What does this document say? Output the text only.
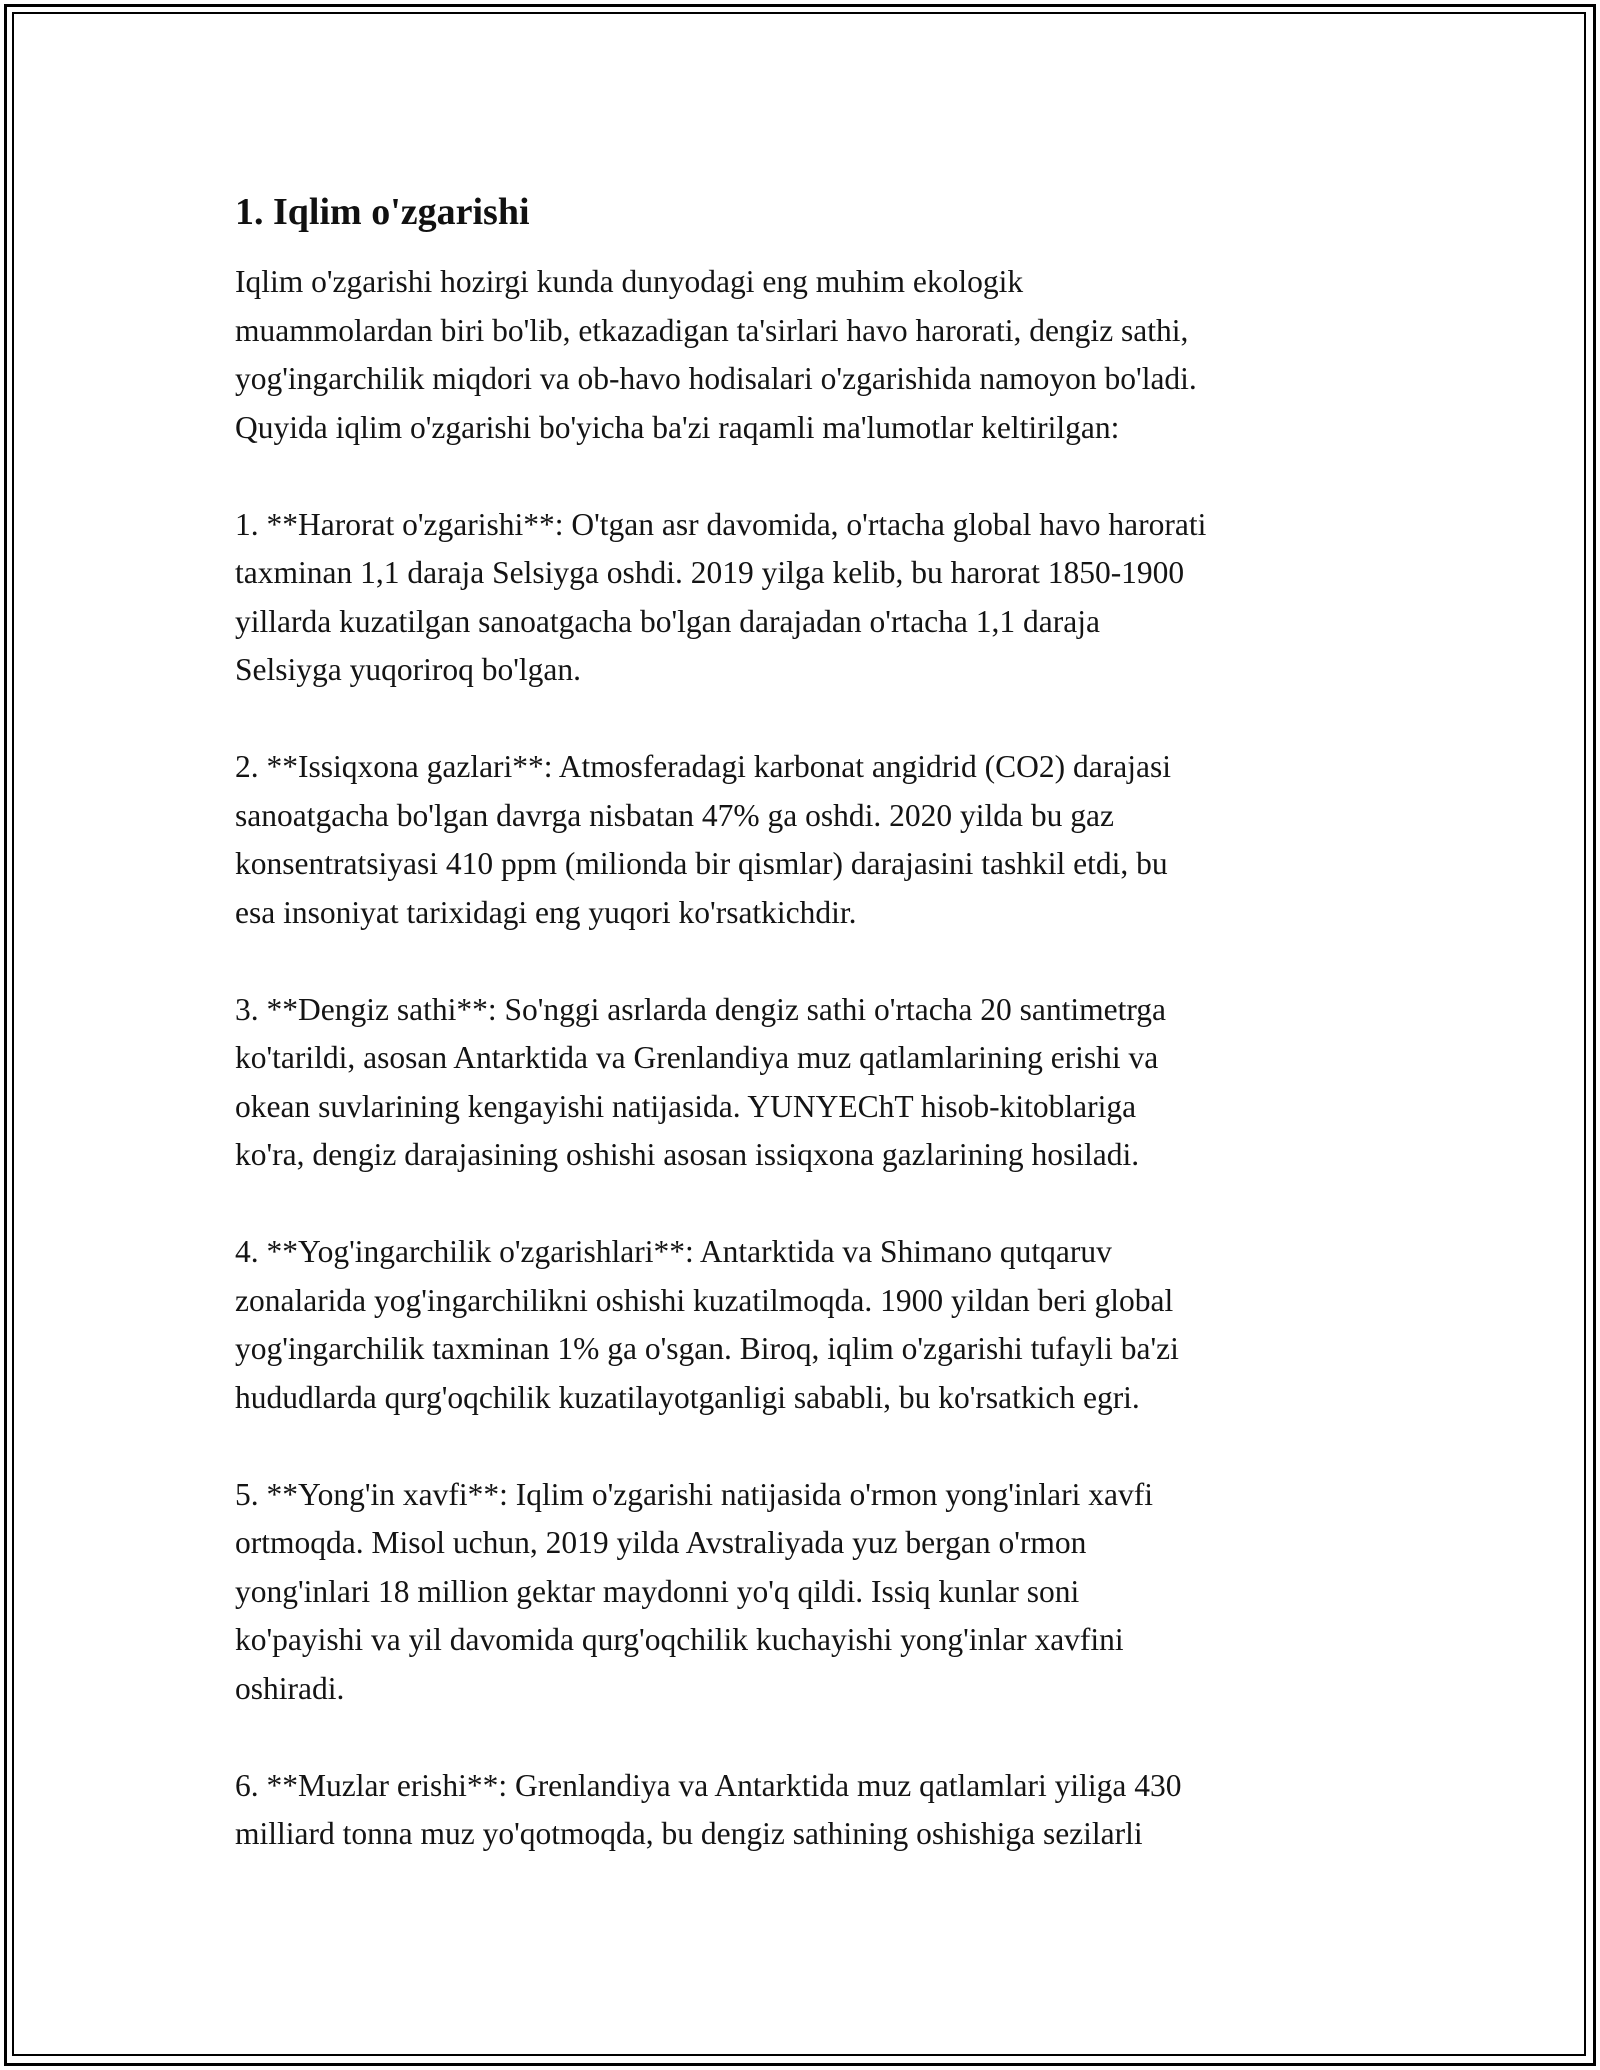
1. Iqlim o'zgarishi

Iqlim o'zgarishi hozirgi kunda dunyodagi eng muhim ekologik
muammolardan biri bo'lib, etkazadigan ta'sirlari havo harorati, dengiz sathi,
yog'ingarchilik miqdori va ob-havo hodisalari o'zgarishida namoyon bo'ladi.
Quyida iqlim o'zgarishi bo'yicha ba'zi raqamli ma'lumotlar keltirilgan:

1. **Harorat o'zgarishi**: O'tgan asr davomida, o'rtacha global havo harorati
taxminan 1,1 daraja Selsiyga oshdi. 2019 yilga kelib, bu harorat 1850-1900
yillarda kuzatilgan sanoatgacha bo'lgan darajadan o'rtacha 1,1 daraja
Selsiyga yuqoriroq bo'lgan.

2. **Issiqxona gazlari**: Atmosferadagi karbonat angidrid (CO2) darajasi
sanoatgacha bo'lgan davrga nisbatan 47% ga oshdi. 2020 yilda bu gaz
konsentratsiyasi 410 ppm (milionda bir qismlar) darajasini tashkil etdi, bu
esa insoniyat tarixidagi eng yuqori ko'rsatkichdir.

3. **Dengiz sathi**: So'nggi asrlarda dengiz sathi o'rtacha 20 santimetrga
ko'tarildi, asosan Antarktida va Grenlandiya muz qatlamlarining erishi va
okean suvlarining kengayishi natijasida. YUNYEChT hisob-kitoblariga
ko'ra, dengiz darajasining oshishi asosan issiqxona gazlarining hosiladi.

4. **Yog'ingarchilik o'zgarishlari**: Antarktida va Shimano qutqaruv
zonalarida yog'ingarchilikni oshishi kuzatilmoqda. 1900 yildan beri global
yog'ingarchilik taxminan 1% ga o'sgan. Biroq, iqlim o'zgarishi tufayli ba'zi
hududlarda qurg'oqchilik kuzatilayotganligi sababli, bu ko'rsatkich egri.

5. **Yong'in xavfi**: Iqlim o'zgarishi natijasida o'rmon yong'inlari xavfi
ortmoqda. Misol uchun, 2019 yilda Avstraliyada yuz bergan o'rmon
yong'inlari 18 million gektar maydonni yo'q qildi. Issiq kunlar soni
ko'payishi va yil davomida qurg'oqchilik kuchayishi yong'inlar xavfini
oshiradi.

6. **Muzlar erishi**: Grenlandiya va Antarktida muz qatlamlari yiliga 430
milliard tonna muz yo'qotmoqda, bu dengiz sathining oshishiga sezilarli
